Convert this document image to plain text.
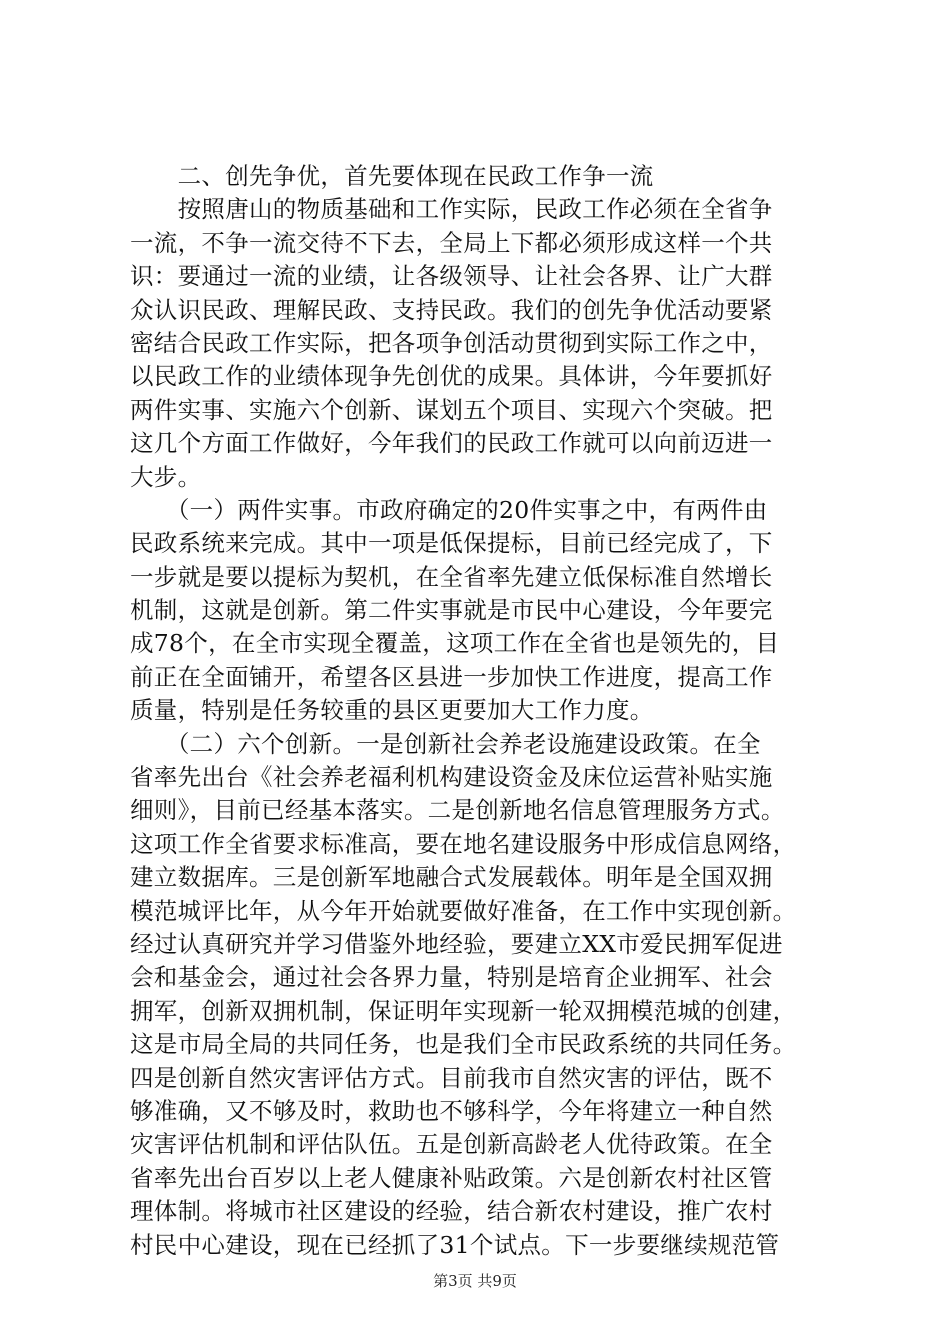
　　二、创先争优，首先要体现在民政工作争一流
　　按照唐山的物质基础和工作实际，民政工作必须在全省争
一流，不争一流交待不下去，全局上下都必须形成这样一个共
识：要通过一流的业绩，让各级领导、让社会各界、让广大群
众认识民政、理解民政、支持民政。我们的创先争优活动要紧
密结合民政工作实际，把各项争创活动贯彻到实际工作之中，
以民政工作的业绩体现争先创优的成果。具体讲，今年要抓好
两件实事、实施六个创新、谋划五个项目、实现六个突破。把
这几个方面工作做好，今年我们的民政工作就可以向前迈进一
大步。
　　（一）两件实事。市政府确定的20件实事之中，有两件由
民政系统来完成。其中一项是低保提标，目前已经完成了，下
一步就是要以提标为契机，在全省率先建立低保标准自然增长
机制，这就是创新。第二件实事就是市民中心建设，今年要完
成78个，在全市实现全覆盖，这项工作在全省也是领先的，目
前正在全面铺开，希望各区县进一步加快工作进度，提高工作
质量，特别是任务较重的县区更要加大工作力度。
　　（二）六个创新。一是创新社会养老设施建设政策。在全
省率先出台《社会养老福利机构建设资金及床位运营补贴实施
细则》，目前已经基本落实。二是创新地名信息管理服务方式。
这项工作全省要求标准高，要在地名建设服务中形成信息网络，
建立数据库。三是创新军地融合式发展载体。明年是全国双拥
模范城评比年，从今年开始就要做好准备，在工作中实现创新。
经过认真研究并学习借鉴外地经验，要建立XX市爱民拥军促进
会和基金会，通过社会各界力量，特别是培育企业拥军、社会
拥军，创新双拥机制，保证明年实现新一轮双拥模范城的创建，
这是市局全局的共同任务，也是我们全市民政系统的共同任务。
四是创新自然灾害评估方式。目前我市自然灾害的评估，既不
够准确，又不够及时，救助也不够科学，今年将建立一种自然
灾害评估机制和评估队伍。五是创新高龄老人优待政策。在全
省率先出台百岁以上老人健康补贴政策。六是创新农村社区管
理体制。将城市社区建设的经验，结合新农村建设，推广农村
村民中心建设，现在已经抓了31个试点。下一步要继续规范管
第3页 共9页
